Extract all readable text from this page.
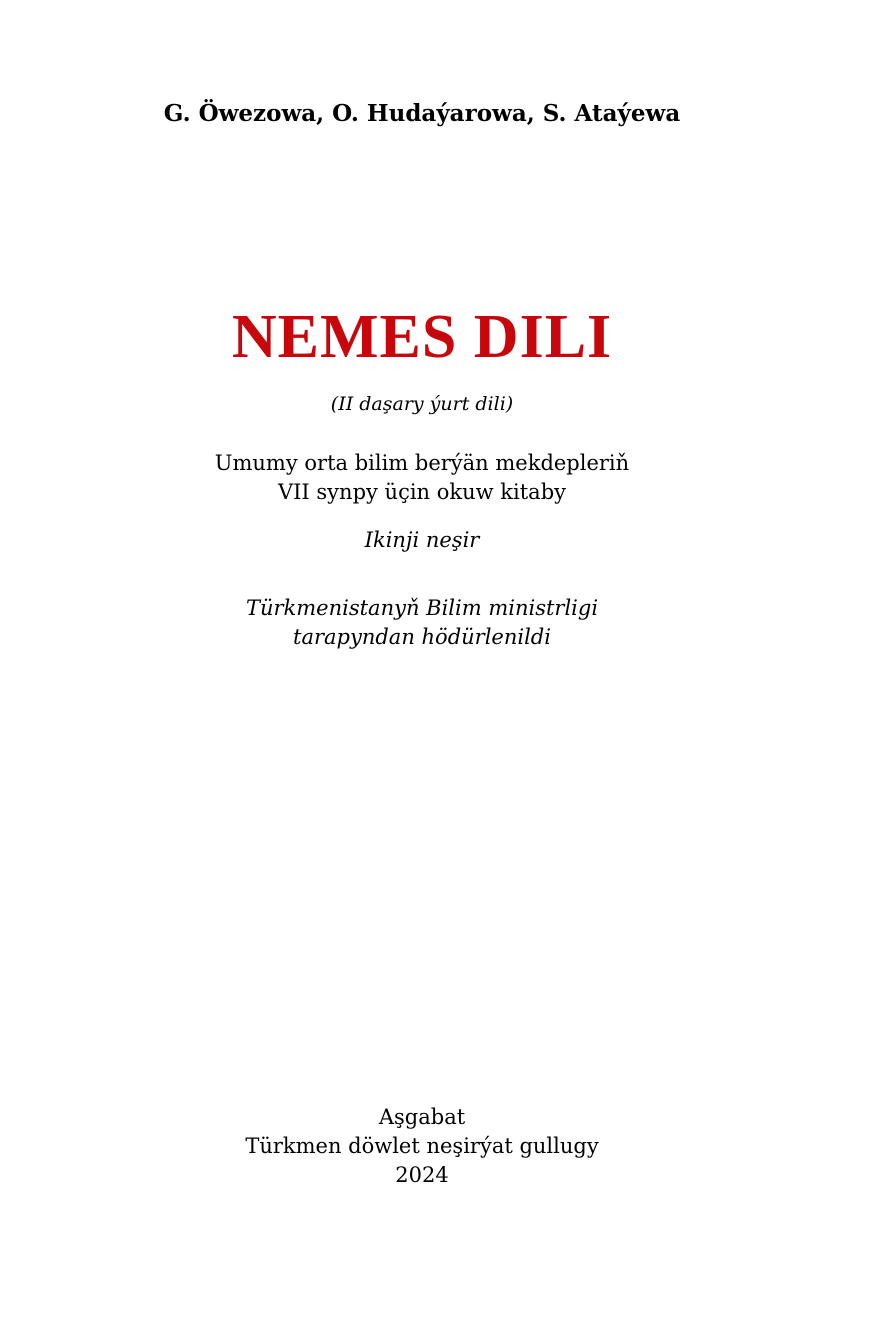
G. Öwezowa, O. Hudaýarowa, S. Ataýewa
NEMES DILI
(II daşary ýurt dili)
Umumy orta bilim berýän mekdepleriň
VII synpy üçin okuw kitaby
Ikinji neşir
Türkmenistanyň Bilim ministrligi
tarapyndan hödürlenildi
Aşgabat
Türkmen döwlet neşirýat gullugy
2024
